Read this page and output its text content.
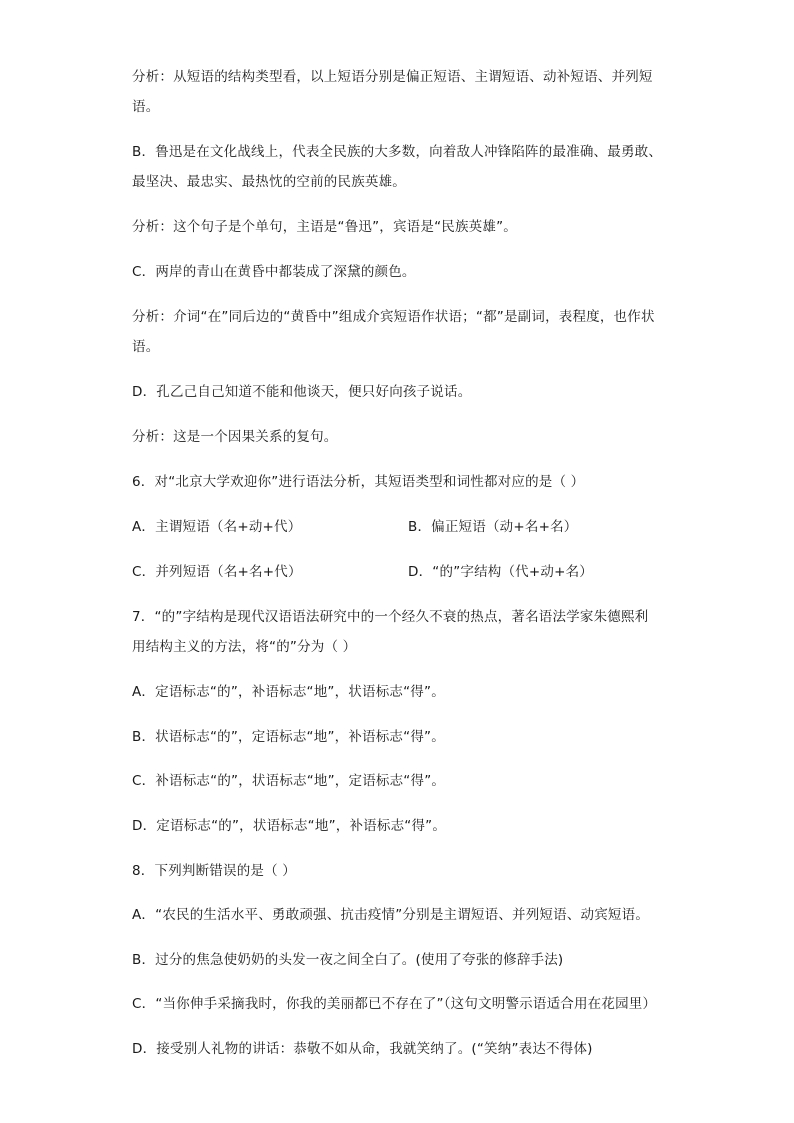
分析：从短语的结构类型看，以上短语分别是偏正短语、主谓短语、动补短语、并列短
语。
B．鲁迅是在文化战线上，代表全民族的大多数，向着敌人冲锋陷阵的最准确、最勇敢、
最坚决、最忠实、最热忱的空前的民族英雄。
分析：这个句子是个单句，主语是“鲁迅”，宾语是“民族英雄”。
C．两岸的青山在黄昏中都装成了深黛的颜色。
分析：介词“在”同后边的“黄昏中”组成介宾短语作状语；“都”是副词，表程度，也作状
语。
D．孔乙己自己知道不能和他谈天，便只好向孩子说话。
分析：这是一个因果关系的复句。
6．对“北京大学欢迎你”进行语法分析，其短语类型和词性都对应的是（ ）
A．主谓短语（名+动+代）	B．偏正短语（动+名+名）
C．并列短语（名+名+代）	D．“的”字结构（代+动+名）
7．“的”字结构是现代汉语语法研究中的一个经久不衰的热点，著名语法学家朱德熙利
用结构主义的方法，将“的”分为（ ）
A．定语标志“的”，补语标志“地”，状语标志“得”。
B．状语标志“的”，定语标志“地”，补语标志“得”。
C．补语标志“的”，状语标志“地”，定语标志“得”。
D．定语标志“的”，状语标志“地”，补语标志“得”。
8．下列判断错误的是（ ）
A．“农民的生活水平、勇敢顽强、抗击疫情”分别是主谓短语、并列短语、动宾短语。
B．过分的焦急使奶奶的头发一夜之间全白了。(使用了夸张的修辞手法)
C．“当你伸手采摘我时，你我的美丽都已不存在了”（这句文明警示语适合用在花园里）
D．接受别人礼物的讲话：恭敬不如从命，我就笑纳了。(“笑纳”表达不得体)
